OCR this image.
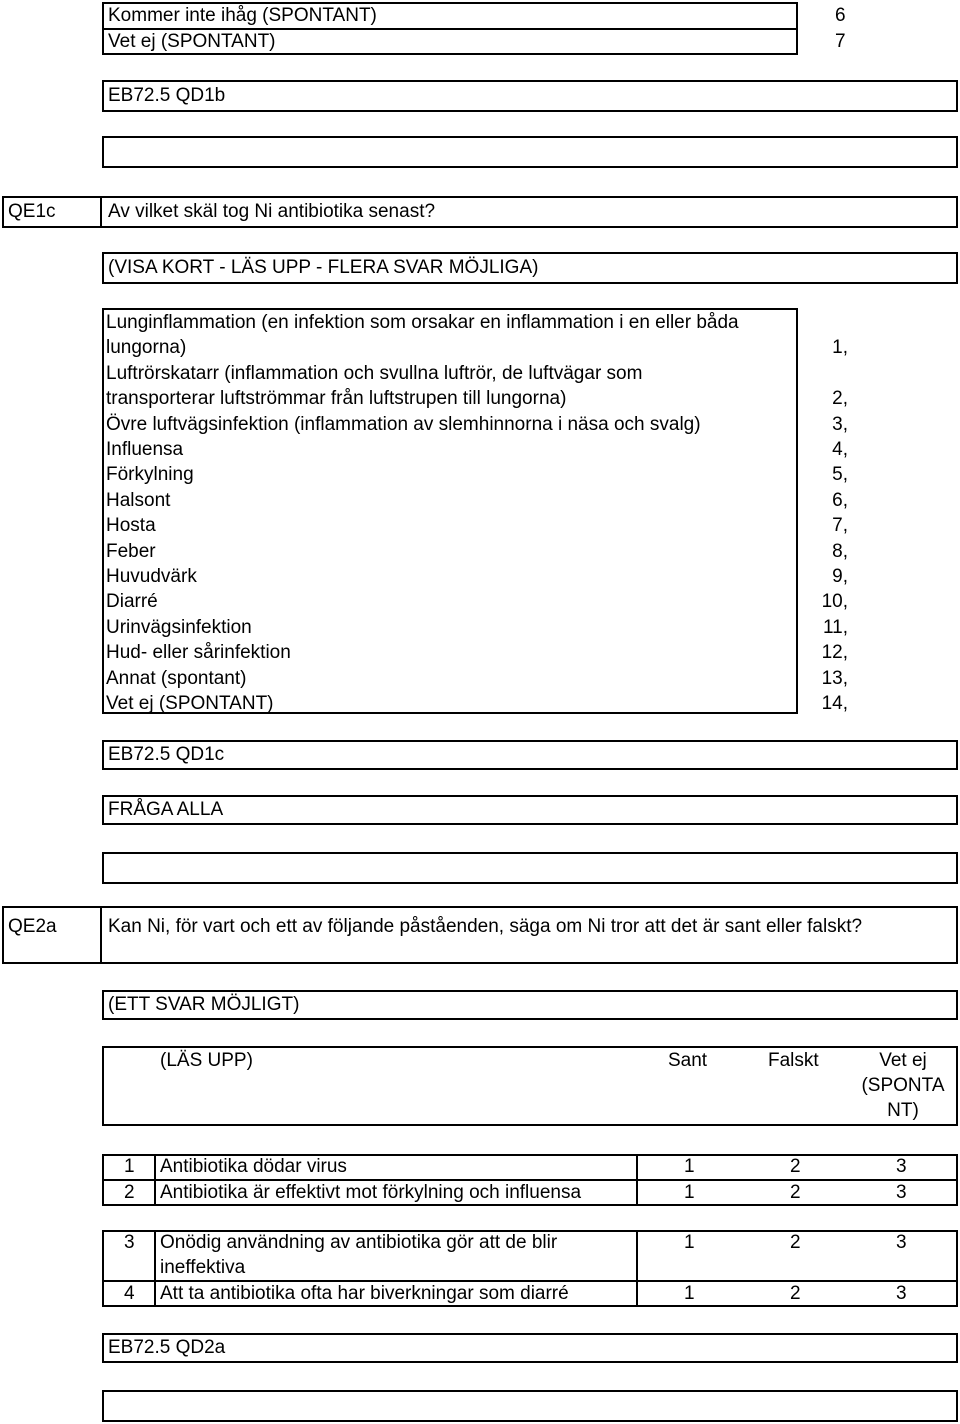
Kommer inte ihåg (SPONTANT)	6
Vet ej (SPONTANT)	7
EB72.5 QD1b
QE1c	Av vilket skäl tog Ni antibiotika senast?
(VISA KORT - LÄS UPP - FLERA SVAR MÖJLIGA)
Lunginflammation (en infektion som orsakar en inflammation i en eller båda
lungorna)	1,
Luftrörskatarr (inflammation och svullna luftrör, de luftvägar som
transporterar luftströmmar från luftstrupen till lungorna)	2,
Övre luftvägsinfektion (inflammation av slemhinnorna i näsa och svalg)	3,
Influensa	4,
Förkylning	5,
Halsont	6,
Hosta	7,
Feber	8,
Huvudvärk	9,
Diarré	10,
Urinvägsinfektion	11,
Hud- eller sårinfektion	12,
Annat (spontant)	13,
Vet ej (SPONTANT)	14,
EB72.5 QD1c
FRÅGA ALLA
QE2a	Kan Ni, för vart och ett av följande påståenden, säga om Ni tror att det är sant eller falskt?
(ETT SVAR MÖJLIGT)
(LÄS UPP)	Sant	Falskt	Vet ej
(SPONTA
NT)
1 Antibiotika dödar virus	1	2	3
2 Antibiotika är effektivt mot förkylning och influensa	1	2	3
3 Onödig användning av antibiotika gör att de blir
ineffektiva
1	2	3
4 Att ta antibiotika ofta har biverkningar som diarré	1	2	3
EB72.5 QD2a
